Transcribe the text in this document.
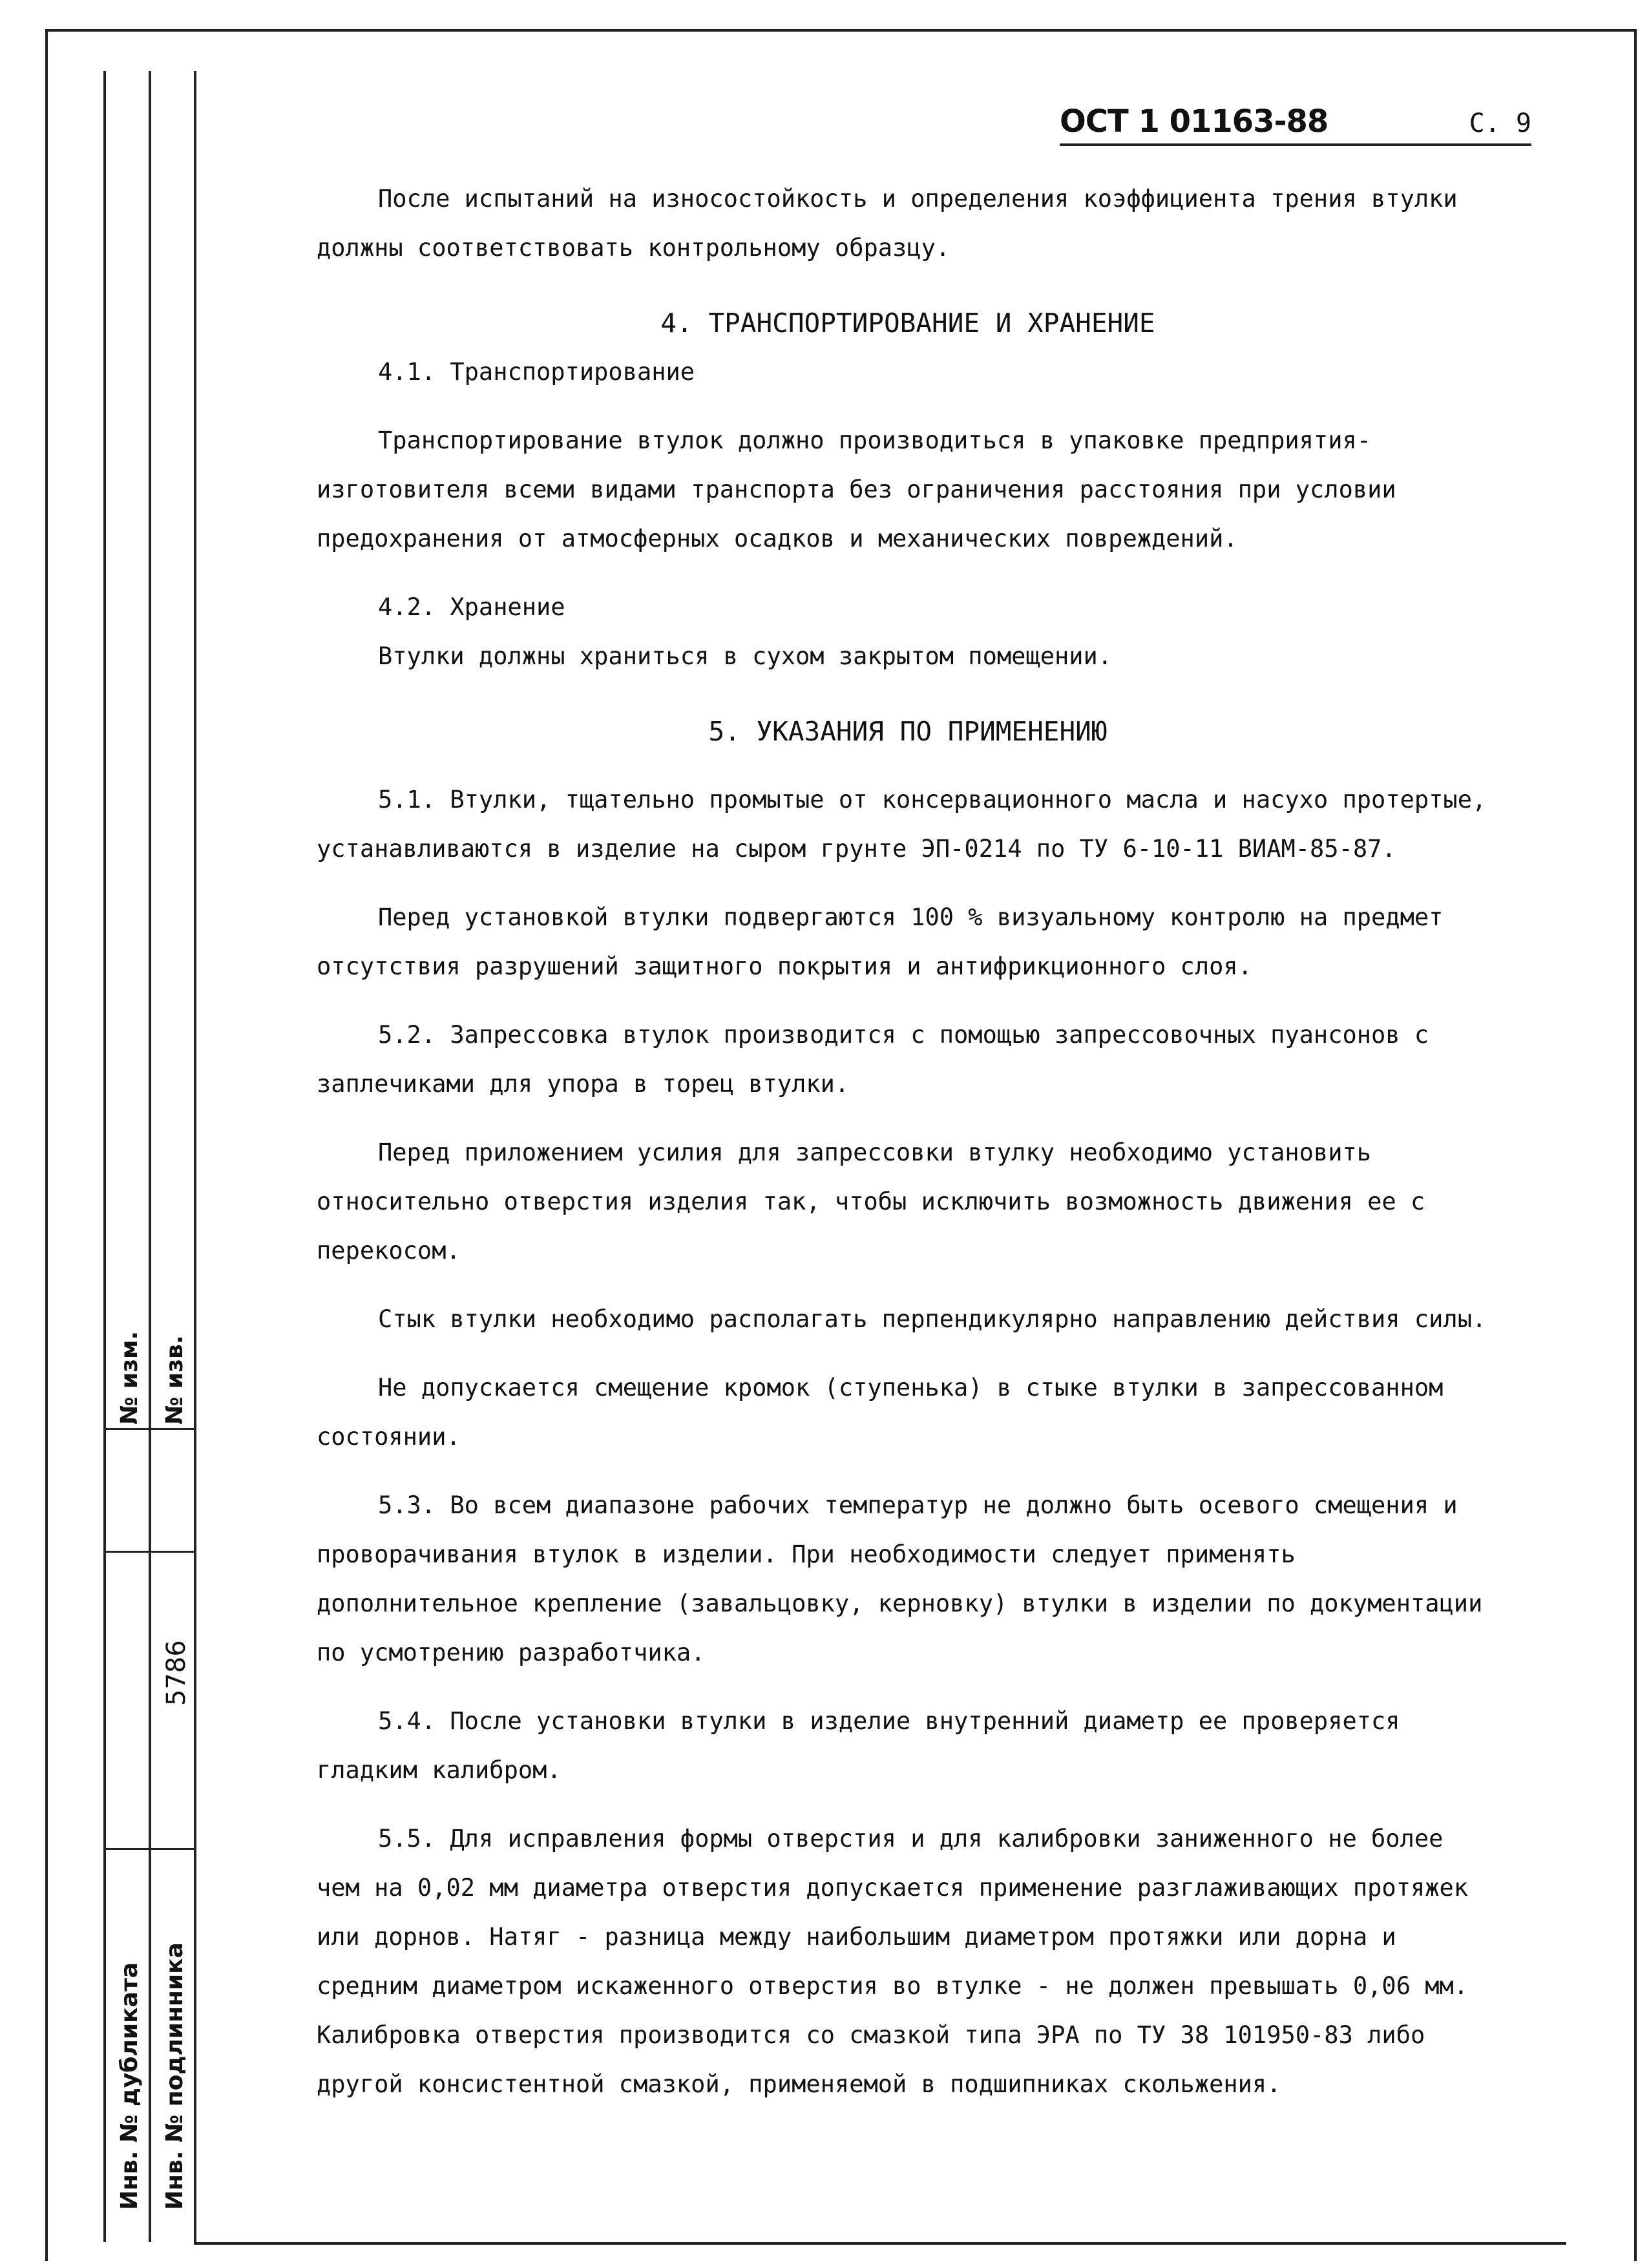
№ изм. № изв.
Инв. № дубликата Инв. № подлинника
5786
ОСТ 1 01163-88	С. 9

После испытаний на износостойкость и определения коэффициента трения втулки должны соответствовать контрольному образцу.

4. ТРАНСПОРТИРОВАНИЕ И ХРАНЕНИЕ

4.1. Транспортирование

Транспортирование втулок должно производиться в упаковке предприятия-изготовителя всеми видами транспорта без ограничения расстояния при условии предохранения от атмосферных осадков и механических повреждений.

4.2. Хранение

Втулки должны храниться в сухом закрытом помещении.

5. УКАЗАНИЯ ПО ПРИМЕНЕНИЮ

5.1. Втулки, тщательно промытые от консервационного масла и насухо протертые, устанавливаются в изделие на сыром грунте ЭП-0214 по ТУ 6-10-11 ВИАМ-85-87.

Перед установкой втулки подвергаются 100 % визуальному контролю на предмет отсутствия разрушений защитного покрытия и антифрикционного слоя.

5.2. Запрессовка втулок производится с помощью запрессовочных пуансонов с заплечиками для упора в торец втулки.

Перед приложением усилия для запрессовки втулку необходимо установить относительно отверстия изделия так, чтобы исключить возможность движения ее с перекосом.

Стык втулки необходимо располагать перпендикулярно направлению действия силы.

Не допускается смещение кромок (ступенька) в стыке втулки в запрессованном состоянии.

5.3. Во всем диапазоне рабочих температур не должно быть осевого смещения и проворачивания втулок в изделии. При необходимости следует применять дополнительное крепление (завальцовку, керновку) втулки в изделии по документации по усмотрению разработчика.

5.4. После установки втулки в изделие внутренний диаметр ее проверяется гладким калибром.

5.5. Для исправления формы отверстия и для калибровки заниженного не более чем на 0,02 мм диаметра отверстия допускается применение разглаживающих протяжек или дорнов. Натяг - разница между наибольшим диаметром протяжки или дорна и средним диаметром искаженного отверстия во втулке - не должен превышать 0,06 мм. Калибровка отверстия производится со смазкой типа ЭРА по ТУ 38 101950-83 либо другой консистентной смазкой, применяемой в подшипниках скольжения.
